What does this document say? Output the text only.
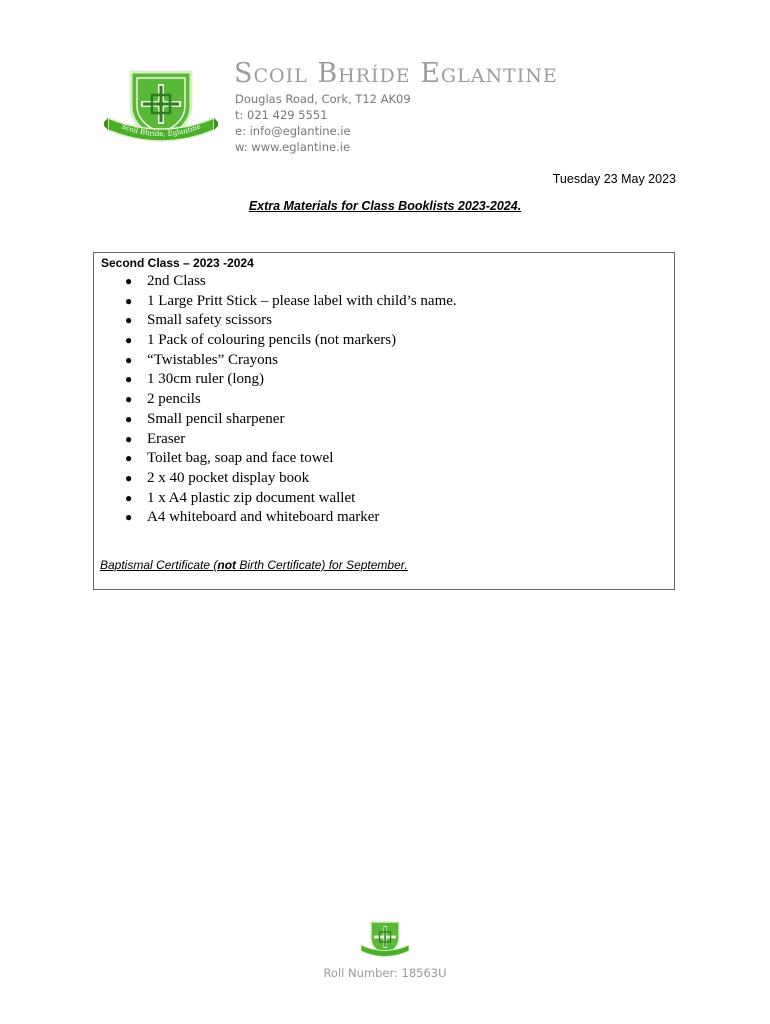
Scoil Bhríde, Eglantine
Scoil Bhríde Eglantine
Douglas Road, Cork, T12 AK09
t: 021 429 5551
e: info@eglantine.ie
w: www.eglantine.ie
Tuesday 23 May 2023
Extra Materials for Class Booklists 2023-2024.
Second Class – 2023 -2024
● 2nd Class
● 1 Large Pritt Stick – please label with child’s name.
● Small safety scissors
● 1 Pack of colouring pencils (not markers)
● “Twistables” Crayons
● 1 30cm ruler (long)
● 2 pencils
● Small pencil sharpener
● Eraser
● Toilet bag, soap and face towel
● 2 x 40 pocket display book
● 1 x A4 plastic zip document wallet
● A4 whiteboard and whiteboard marker
Baptismal Certificate (not Birth Certificate) for September.
Roll Number: 18563U
